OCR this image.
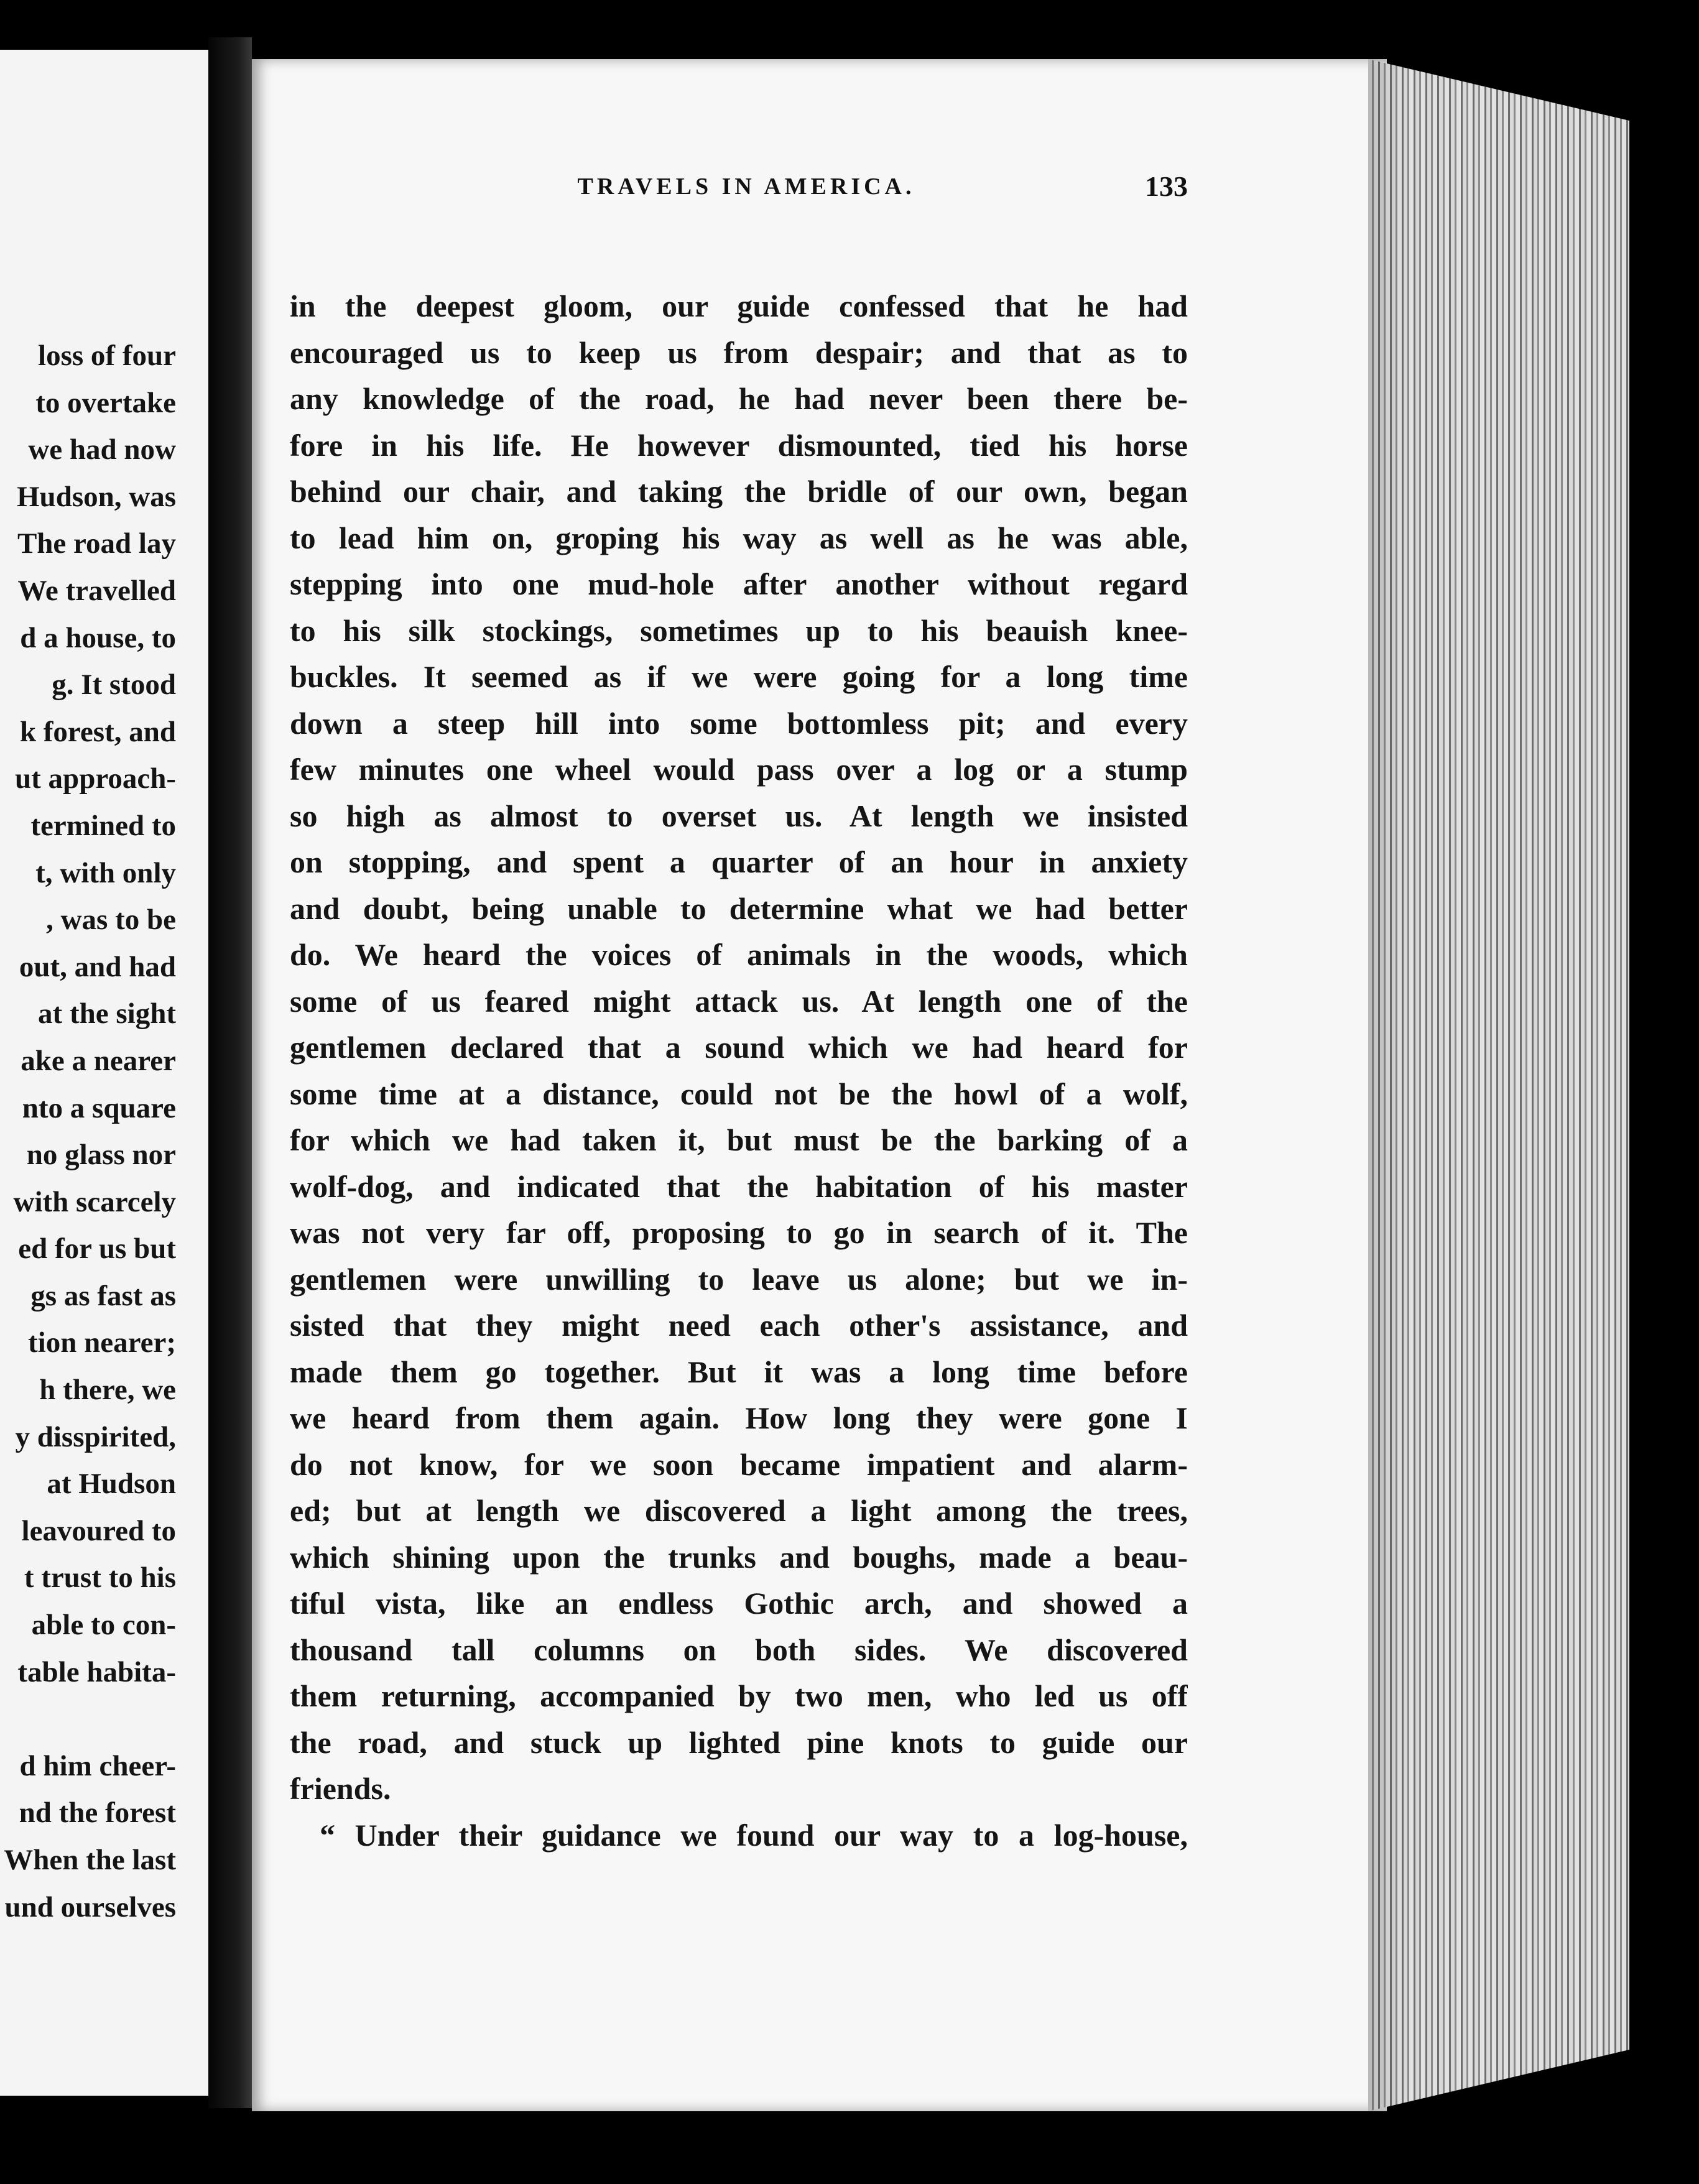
loss of four
to overtake
we had now
Hudson, was
The road lay
We travelled
d a house, to
g. It stood
k forest, and
ut approach-
termined to
t, with only
, was to be
out, and had
at the sight
ake a nearer
nto a square
no glass nor
with scarcely
ed for us but
gs as fast as
tion nearer;
h there, we
y disspirited,
at Hudson
leavoured to
t trust to his
able to con-
table habita-
d him cheer-
nd the forest
When the last
und ourselves
TRAVELS IN AMERICA.	133
in the deepest gloom, our guide confessed that he had
encouraged us to keep us from despair; and that as to
any knowledge of the road, he had never been there be-
fore in his life. He however dismounted, tied his horse
behind our chair, and taking the bridle of our own, began
to lead him on, groping his way as well as he was able,
stepping into one mud-hole after another without regard
to his silk stockings, sometimes up to his beauish knee-
buckles. It seemed as if we were going for a long time
down a steep hill into some bottomless pit; and every
few minutes one wheel would pass over a log or a stump
so high as almost to overset us. At length we insisted
on stopping, and spent a quarter of an hour in anxiety
and doubt, being unable to determine what we had better
do. We heard the voices of animals in the woods, which
some of us feared might attack us. At length one of the
gentlemen declared that a sound which we had heard for
some time at a distance, could not be the howl of a wolf,
for which we had taken it, but must be the barking of a
wolf-dog, and indicated that the habitation of his master
was not very far off, proposing to go in search of it. The
gentlemen were unwilling to leave us alone; but we in-
sisted that they might need each other's assistance, and
made them go together. But it was a long time before
we heard from them again. How long they were gone I
do not know, for we soon became impatient and alarm-
ed; but at length we discovered a light among the trees,
which shining upon the trunks and boughs, made a beau-
tiful vista, like an endless Gothic arch, and showed a
thousand tall columns on both sides. We discovered
them returning, accompanied by two men, who led us off
the road, and stuck up lighted pine knots to guide our
friends.
“ Under their guidance we found our way to a log-house,
